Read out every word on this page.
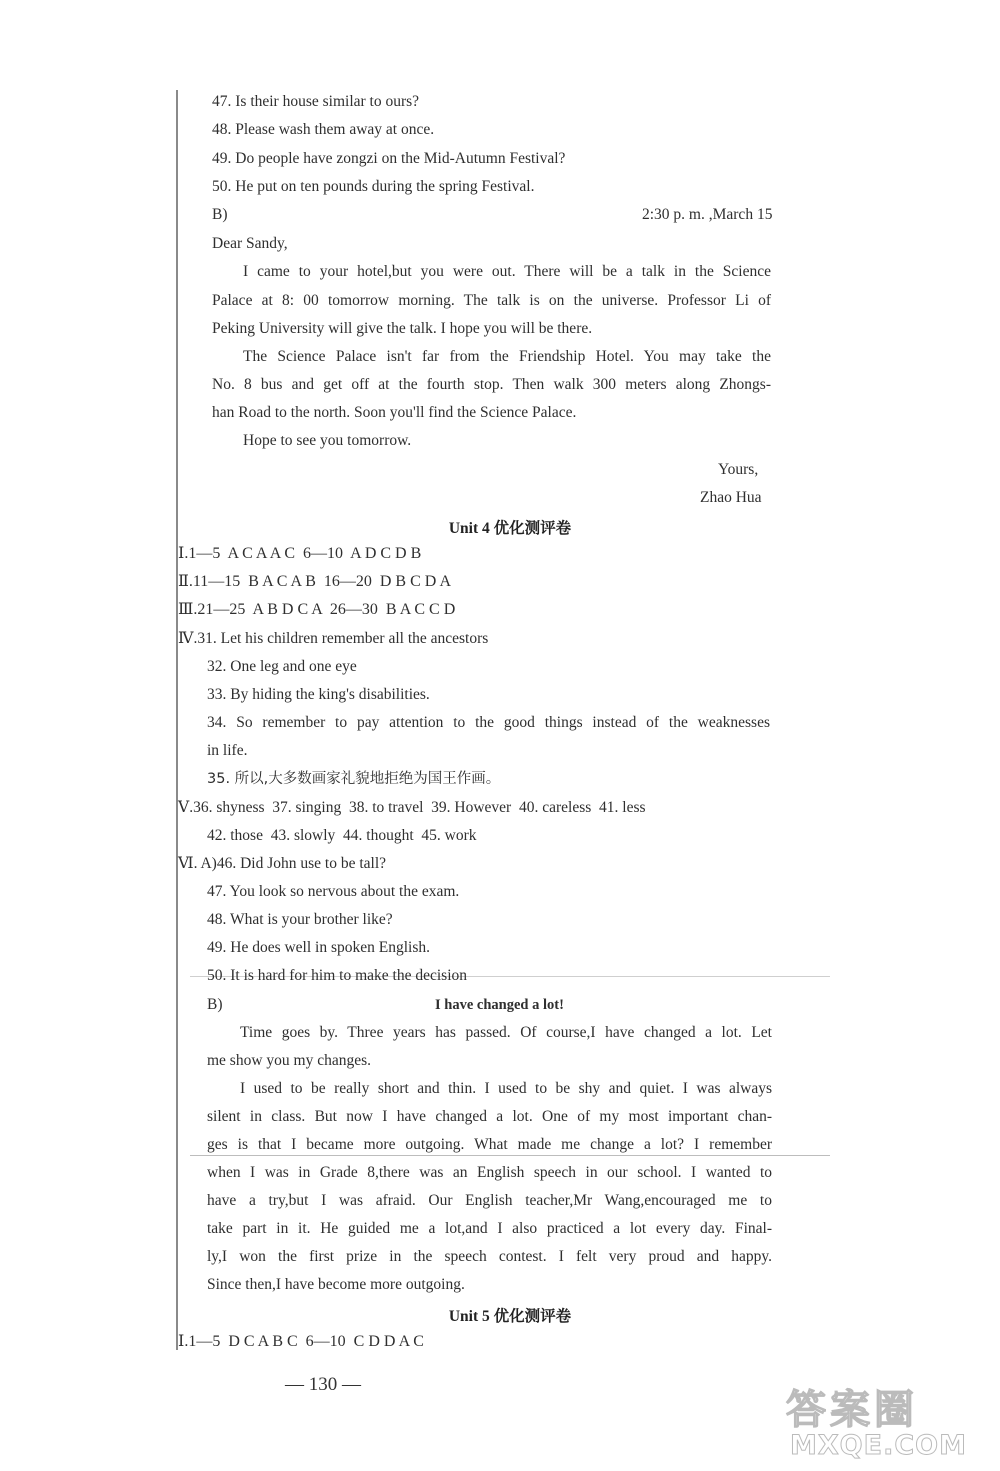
47. Is their house similar to ours?
48. Please wash them away at once.
49. Do people have zongzi on the Mid-Autumn Festival?
50. He put on ten pounds during the spring Festival.
B)	2:30 p. m. ,March 15
Dear Sandy,
I came to your hotel,but you were out. There will be a talk in the Science
Palace at 8: 00 tomorrow morning. The talk is on the universe. Professor Li of
Peking University will give the talk. I hope you will be there.
The Science Palace isn't far from the Friendship Hotel. You may take the
No. 8 bus and get off at the fourth stop. Then walk 300 meters along Zhongs-
han Road to the north. Soon you'll find the Science Palace.
Hope to see you tomorrow.
Yours,
Zhao Hua
Unit 4 优化测评卷
Ⅰ.1—5  A C A A C  6—10  A D C D B
Ⅱ.11—15  B A C A B  16—20  D B C D A
Ⅲ.21—25  A B D C A  26—30  B A C C D
Ⅳ.31. Let his children remember all the ancestors
32. One leg and one eye
33. By hiding the king's disabilities.
34. So remember to pay attention to the good things instead of the weaknesses
in life.
35. 所以,大多数画家礼貌地拒绝为国王作画。
Ⅴ.36. shyness  37. singing  38. to travel  39. However  40. careless  41. less
42. those  43. slowly  44. thought  45. work
Ⅵ. A)46. Did John use to be tall?
47. You look so nervous about the exam.
48. What is your brother like?
49. He does well in spoken English.
50. It is hard for him to make the decision
B)	I have changed a lot!
Time goes by. Three years has passed. Of course,I have changed a lot. Let
me show you my changes.
I used to be really short and thin. I used to be shy and quiet. I was always
silent in class. But now I have changed a lot. One of my most important chan-
ges is that I became more outgoing. What made me change a lot? I remember
when I was in Grade 8,there was an English speech in our school. I wanted to
have a try,but I was afraid. Our English teacher,Mr Wang,encouraged me to
take part in it. He guided me a lot,and I also practiced a lot every day. Final-
ly,I won the first prize in the speech contest. I felt very proud and happy.
Since then,I have become more outgoing.
Unit 5 优化测评卷
Ⅰ.1—5  D C A B C  6—10  C D D A C
— 130 —
答案圈
MXQE.COM
